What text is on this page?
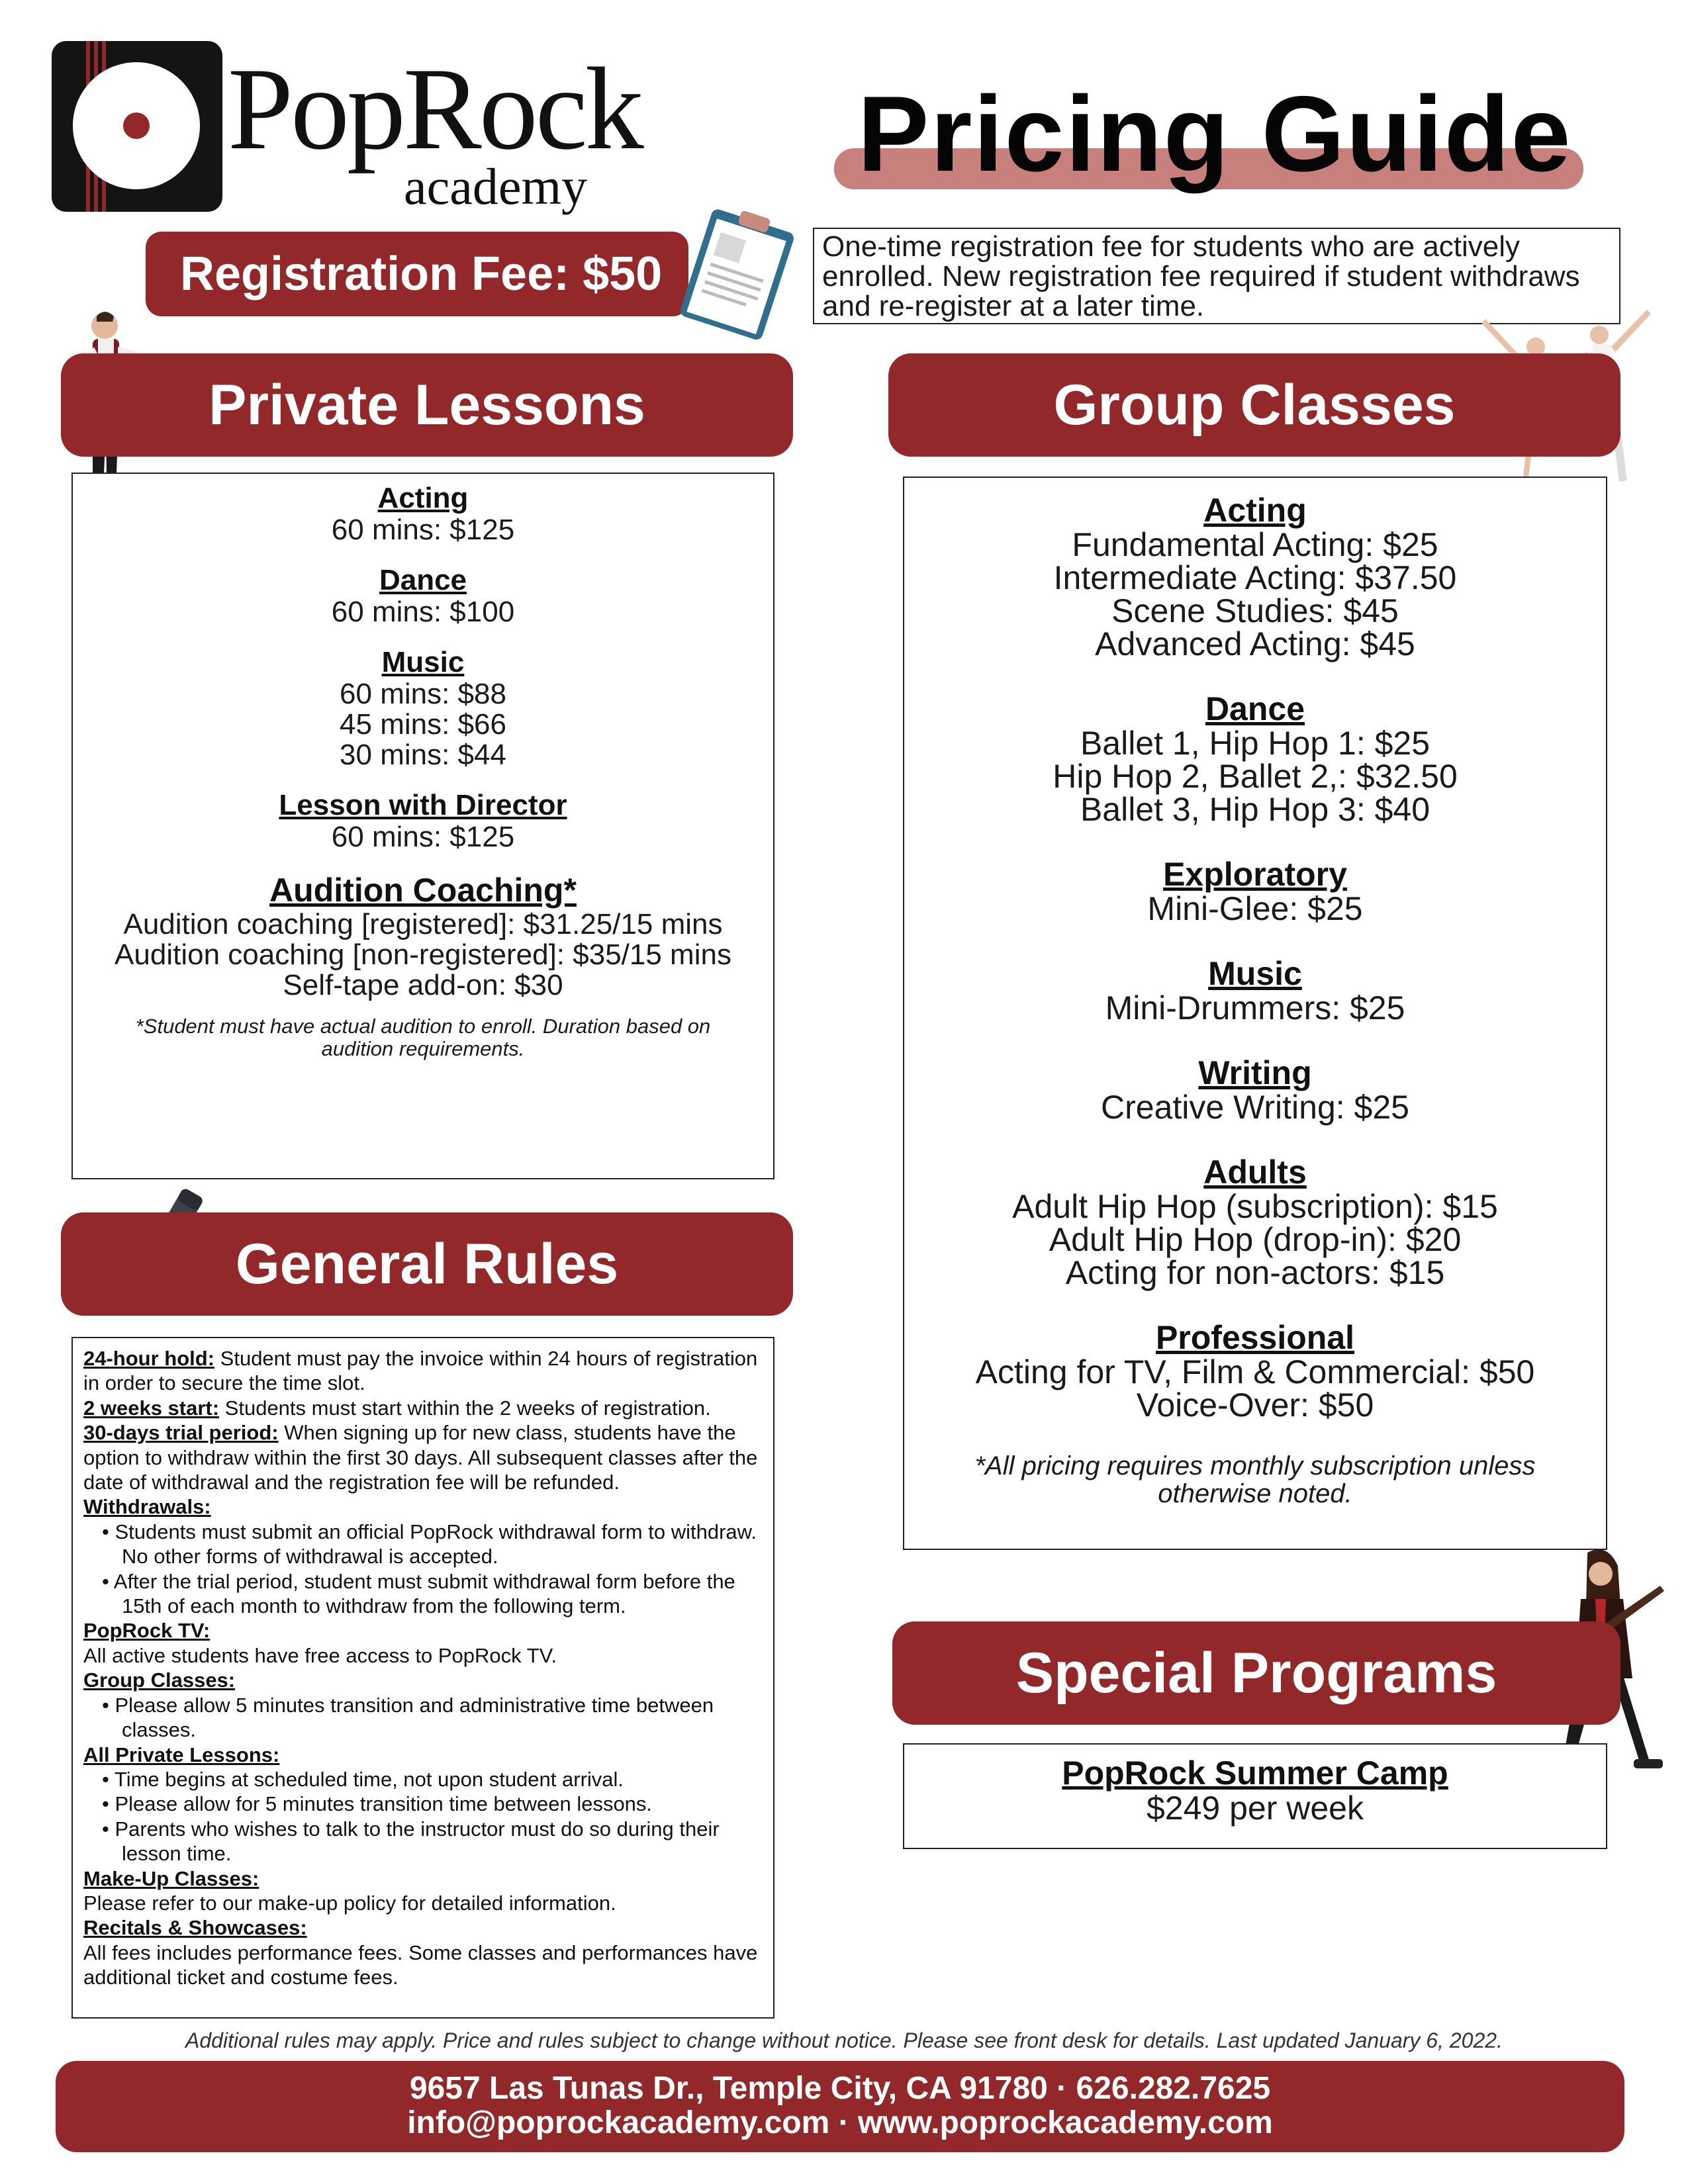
PopRock
academy	Pricing Guide
Registration Fee: $50
One-time registration fee for students who are actively enrolled. New registration fee required if student withdraws and re-register at a later time.
Private Lessons
Acting
60 mins: $125
Dance
60 mins: $100
Music
60 mins: $88
45 mins: $66
30 mins: $44
Lesson with Director
60 mins: $125
Audition Coaching*
Audition coaching [registered]: $31.25/15 mins
Audition coaching [non-registered]: $35/15 mins
Self-tape add-on: $30
*Student must have actual audition to enroll. Duration based on audition requirements.
Group Classes
Acting
Fundamental Acting: $25
Intermediate Acting: $37.50
Scene Studies: $45
Advanced Acting: $45
Dance
Ballet 1, Hip Hop 1: $25
Hip Hop 2, Ballet 2,: $32.50
Ballet 3, Hip Hop 3: $40
Exploratory
Mini-Glee: $25
Music
Mini-Drummers: $25
Writing
Creative Writing: $25
Adults
Adult Hip Hop (subscription): $15
Adult Hip Hop (drop-in): $20
Acting for non-actors: $15
Professional
Acting for TV, Film & Commercial: $50
Voice-Over: $50
*All pricing requires monthly subscription unless otherwise noted.
General Rules
24-hour hold: Student must pay the invoice within 24 hours of registration in order to secure the time slot.
2 weeks start: Students must start within the 2 weeks of registration.
30-days trial period: When signing up for new class, students have the option to withdraw within the first 30 days. All subsequent classes after the date of withdrawal and the registration fee will be refunded.
Withdrawals:
• Students must submit an official PopRock withdrawal form to withdraw. No other forms of withdrawal is accepted.
• After the trial period, student must submit withdrawal form before the 15th of each month to withdraw from the following term.
PopRock TV:
All active students have free access to PopRock TV.
Group Classes:
• Please allow 5 minutes transition and administrative time between classes.
All Private Lessons:
• Time begins at scheduled time, not upon student arrival.
• Please allow for 5 minutes transition time between lessons.
• Parents who wishes to talk to the instructor must do so during their lesson time.
Make-Up Classes:
Please refer to our make-up policy for detailed information.
Recitals & Showcases:
All fees includes performance fees. Some classes and performances have additional ticket and costume fees.
Special Programs
PopRock Summer Camp
$249 per week
Additional rules may apply. Price and rules subject to change without notice. Please see front desk for details. Last updated January 6, 2022.
9657 Las Tunas Dr., Temple City, CA 91780 · 626.282.7625
info@poprockacademy.com · www.poprockacademy.com
